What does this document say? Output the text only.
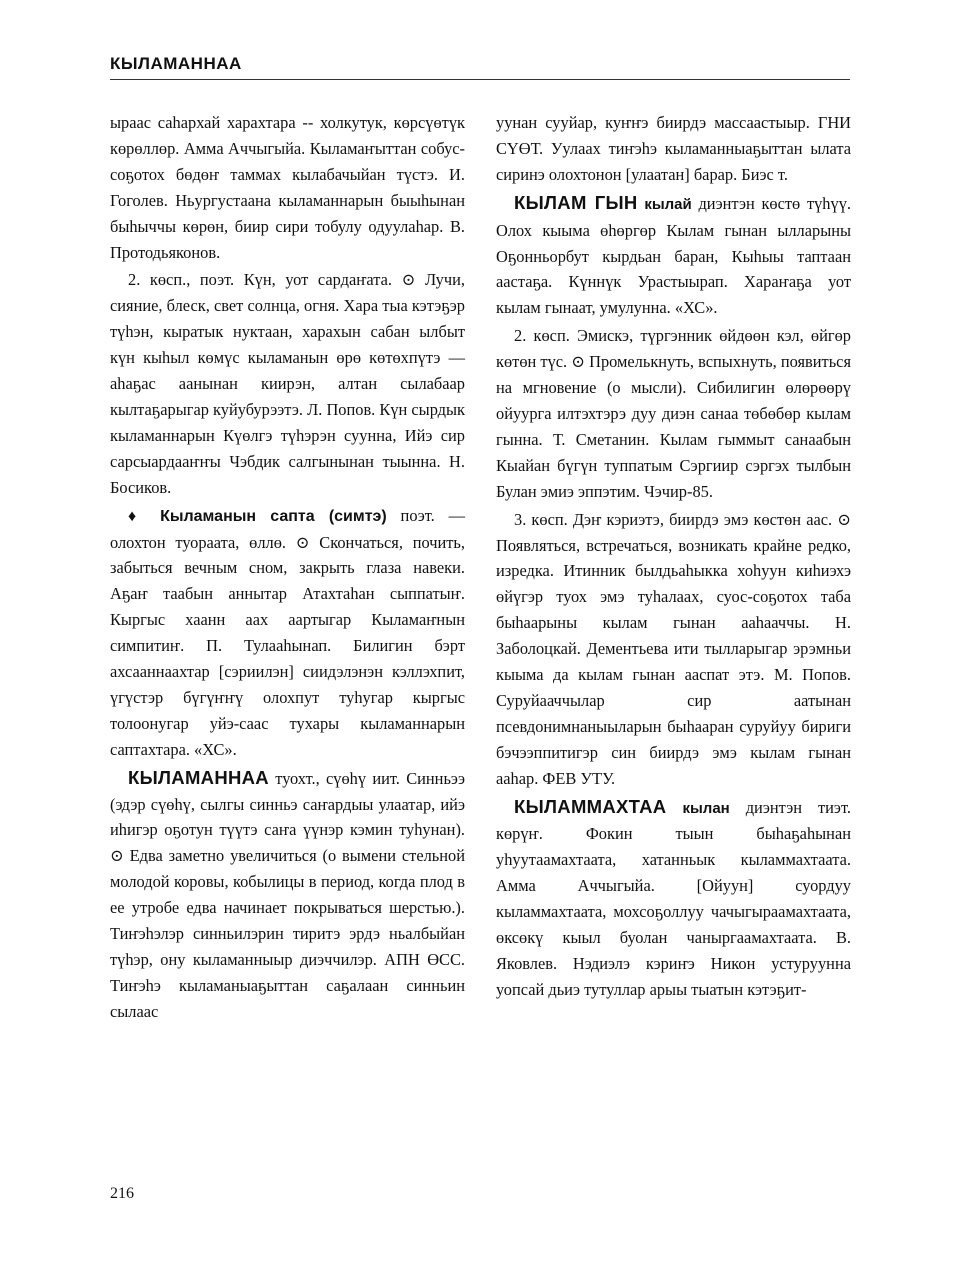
КЫЛАМАННАА

ыраас саһархай харахтара -- холкутук, көрсүөтүк көрөллөр. Амма Аччыгыйа. Кыламаҥыттан собус-соҕотох бөдөҥ таммах кылабачыйан түстэ. И. Гоголев. Ньургустаана кыламаннарын быыһынан быһыччы көрөн, биир сири тобулу одуулаһар. В. Протодьяконов.

2. көсп., поэт. Күн, уот сардаҥата. ⊙ Лучи, сияние, блеск, свет солнца, огня. Хара тыа кэтэҕэр түһэн, кыратык нуктаан, харахын сабан ылбыт күн кыһыл көмүс кыламанын өрө көтөхпүтэ — аһаҕас аанынан киирэн, алтан сылабаар кылтаҕарыгар куйубурээтэ. Л. Попов. Күн сырдык кыламаннарын Күөлгэ түһэрэн суунна, Ийэ сир сарсыардааҥҥы Чэбдик салгынынан тыынна. Н. Босиков.

♦ Кыламанын сапта (симтэ) поэт. — олохтон туораата, өллө. ⊙ Скончаться, почить, забыться вечным сном, закрыть глаза навеки. Аҕаҥ таабын аннытар Атахтаһан сыппатыҥ. Кыргыс хаанн аах аартыгар Кыламаҥнын симпитиҥ. П. Тулааһынап. Билигин бэрт ахсааннаахтар [сэриилэн] сиидэлэнэн кэллэхпит, үгүстэр бүгүҥҥү олохпут туһугар кыргыс толоонугар уйэ-саас тухары кыламаннарын саптахтара. «ХС».

КЫЛАМАННАА туохт., сүөһү иит. Синньээ (эдэр сүөһү, сылгы синньэ саҥардыы улаатар, ийэ иһигэр оҕотун түүтэ саҥа үүнэр кэмин туһунан). ⊙ Едва заметно увеличиться (о вымени стельной молодой коровы, кобылицы в период, когда плод в ее утробе едва начинает покрываться шерстью.). Тиҥэһэлэр синньилэрин тиритэ эрдэ ньалбыйан түһэр, ону кыламанныыр диэччилэр. АПН ӨСС. Тиҥэһэ кыламаныаҕыттан саҕалаан синньин сылаас

уунан сууйар, куҥҥэ биирдэ массаастыыр. ГНИ СҮӨТ. Уулаах тиҥэһэ кыламанныаҕыттан ылата сиринэ олохтонон [улаатан] барар. Биэс т.

КЫЛАМ ГЫН кылай диэнтэн көстө түһүү. Олох кыыма өһөргөр Кылам гынан ылларыны Оҕонньорбут кырдьан баран, Кыһыы таптаан аастаҕа. Күннүк Урастыырап. Хараҥаҕа уот кылам гынаат, умулунна. «ХС».

2. көсп. Эмискэ, түргэнник өйдөөн кэл, өйгөр көтөн түс. ⊙ Промелькнуть, вспыхнуть, появиться на мгновение (о мысли). Сибилигин өлөрөөрү ойуурга илтэхтэрэ дуу диэн санаа төбөбөр кылам гынна. Т. Сметанин. Кылам гыммыт санаабын Кыайан бүгүн туппатым Сэргиир сэргэх тылбын Булан эмиэ эппэтим. Чэчир-85.

3. көсп. Дэҥ кэриэтэ, биирдэ эмэ көстөн аас. ⊙ Появляться, встречаться, возникать крайне редко, изредка. Итинник былдьаһыкка хоһуун киһиэхэ өйүгэр туох эмэ туһалаах, суос-соҕотох таба быһаарыны кылам гынан ааһааччы. Н. Заболоцкай. Дементьева ити тылларыгар эрэмньи кыыма да кылам гынан ааспат этэ. М. Попов. Суруйааччылар сир аатынан псевдонимнаныыларын быһааран суруйуу бириги бэчээппитигэр син биирдэ эмэ кылам гынан ааһар. ФЕВ УТУ.

КЫЛАММАХТАА кылан диэнтэн тиэт. көрүҥ. Фокин тыын быһаҕаһынан уһуутаамахтаата, хатанньык кыламмахтаата. Амма Аччыгыйа. [Ойуун] суордуу кыламмахтаата, мохсоҕоллуу чачыгыраамахтаата, өксөкү кыыл буолан чаныргаамахтаата. В. Яковлев. Нэдиэлэ кэриҥэ Никон устуруунна уопсай дьиэ тутуллар арыы тыатын кэтэҕит-

216
